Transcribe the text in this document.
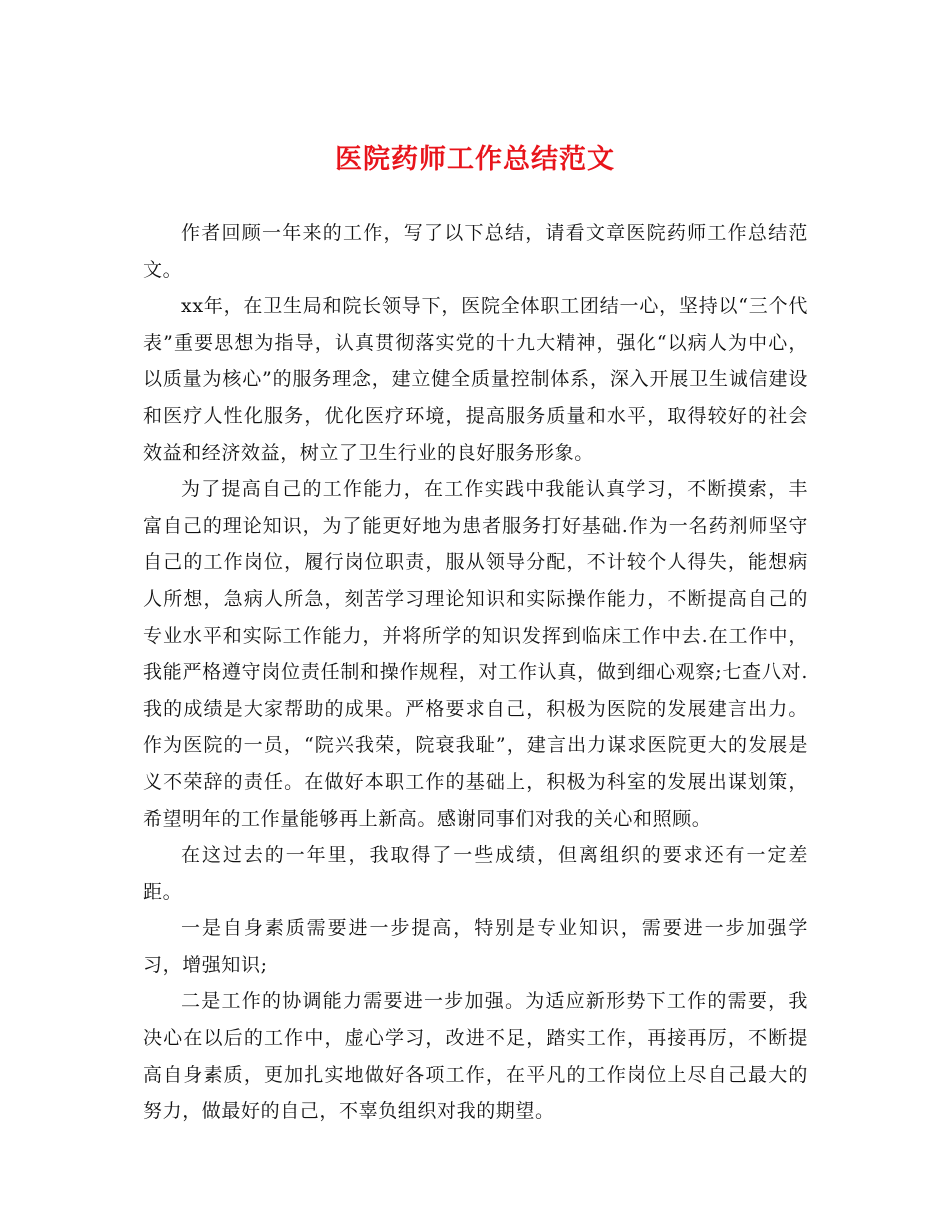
医院药师工作总结范文

作者回顾一年来的工作，写了以下总结，请看文章医院药师工作总结范文。

xx年，在卫生局和院长领导下，医院全体职工团结一心，坚持以“三个代表”重要思想为指导，认真贯彻落实党的十九大精神，强化“以病人为中心，以质量为核心”的服务理念，建立健全质量控制体系，深入开展卫生诚信建设和医疗人性化服务，优化医疗环境，提高服务质量和水平，取得较好的社会效益和经济效益，树立了卫生行业的良好服务形象。

为了提高自己的工作能力，在工作实践中我能认真学习，不断摸索，丰富自己的理论知识，为了能更好地为患者服务打好基础.作为一名药剂师坚守自己的工作岗位，履行岗位职责，服从领导分配，不计较个人得失，能想病人所想，急病人所急，刻苦学习理论知识和实际操作能力，不断提高自己的专业水平和实际工作能力，并将所学的知识发挥到临床工作中去.在工作中，我能严格遵守岗位责任制和操作规程，对工作认真，做到细心观察;七查八对.我的成绩是大家帮助的成果。严格要求自己，积极为医院的发展建言出力。作为医院的一员，“院兴我荣，院衰我耻”，建言出力谋求医院更大的发展是义不荣辞的责任。在做好本职工作的基础上，积极为科室的发展出谋划策，希望明年的工作量能够再上新高。感谢同事们对我的关心和照顾。

在这过去的一年里，我取得了一些成绩，但离组织的要求还有一定差距。

一是自身素质需要进一步提高，特别是专业知识，需要进一步加强学习，增强知识;

二是工作的协调能力需要进一步加强。为适应新形势下工作的需要，我决心在以后的工作中，虚心学习，改进不足，踏实工作，再接再厉，不断提高自身素质，更加扎实地做好各项工作，在平凡的工作岗位上尽自己最大的努力，做最好的自己，不辜负组织对我的期望。
